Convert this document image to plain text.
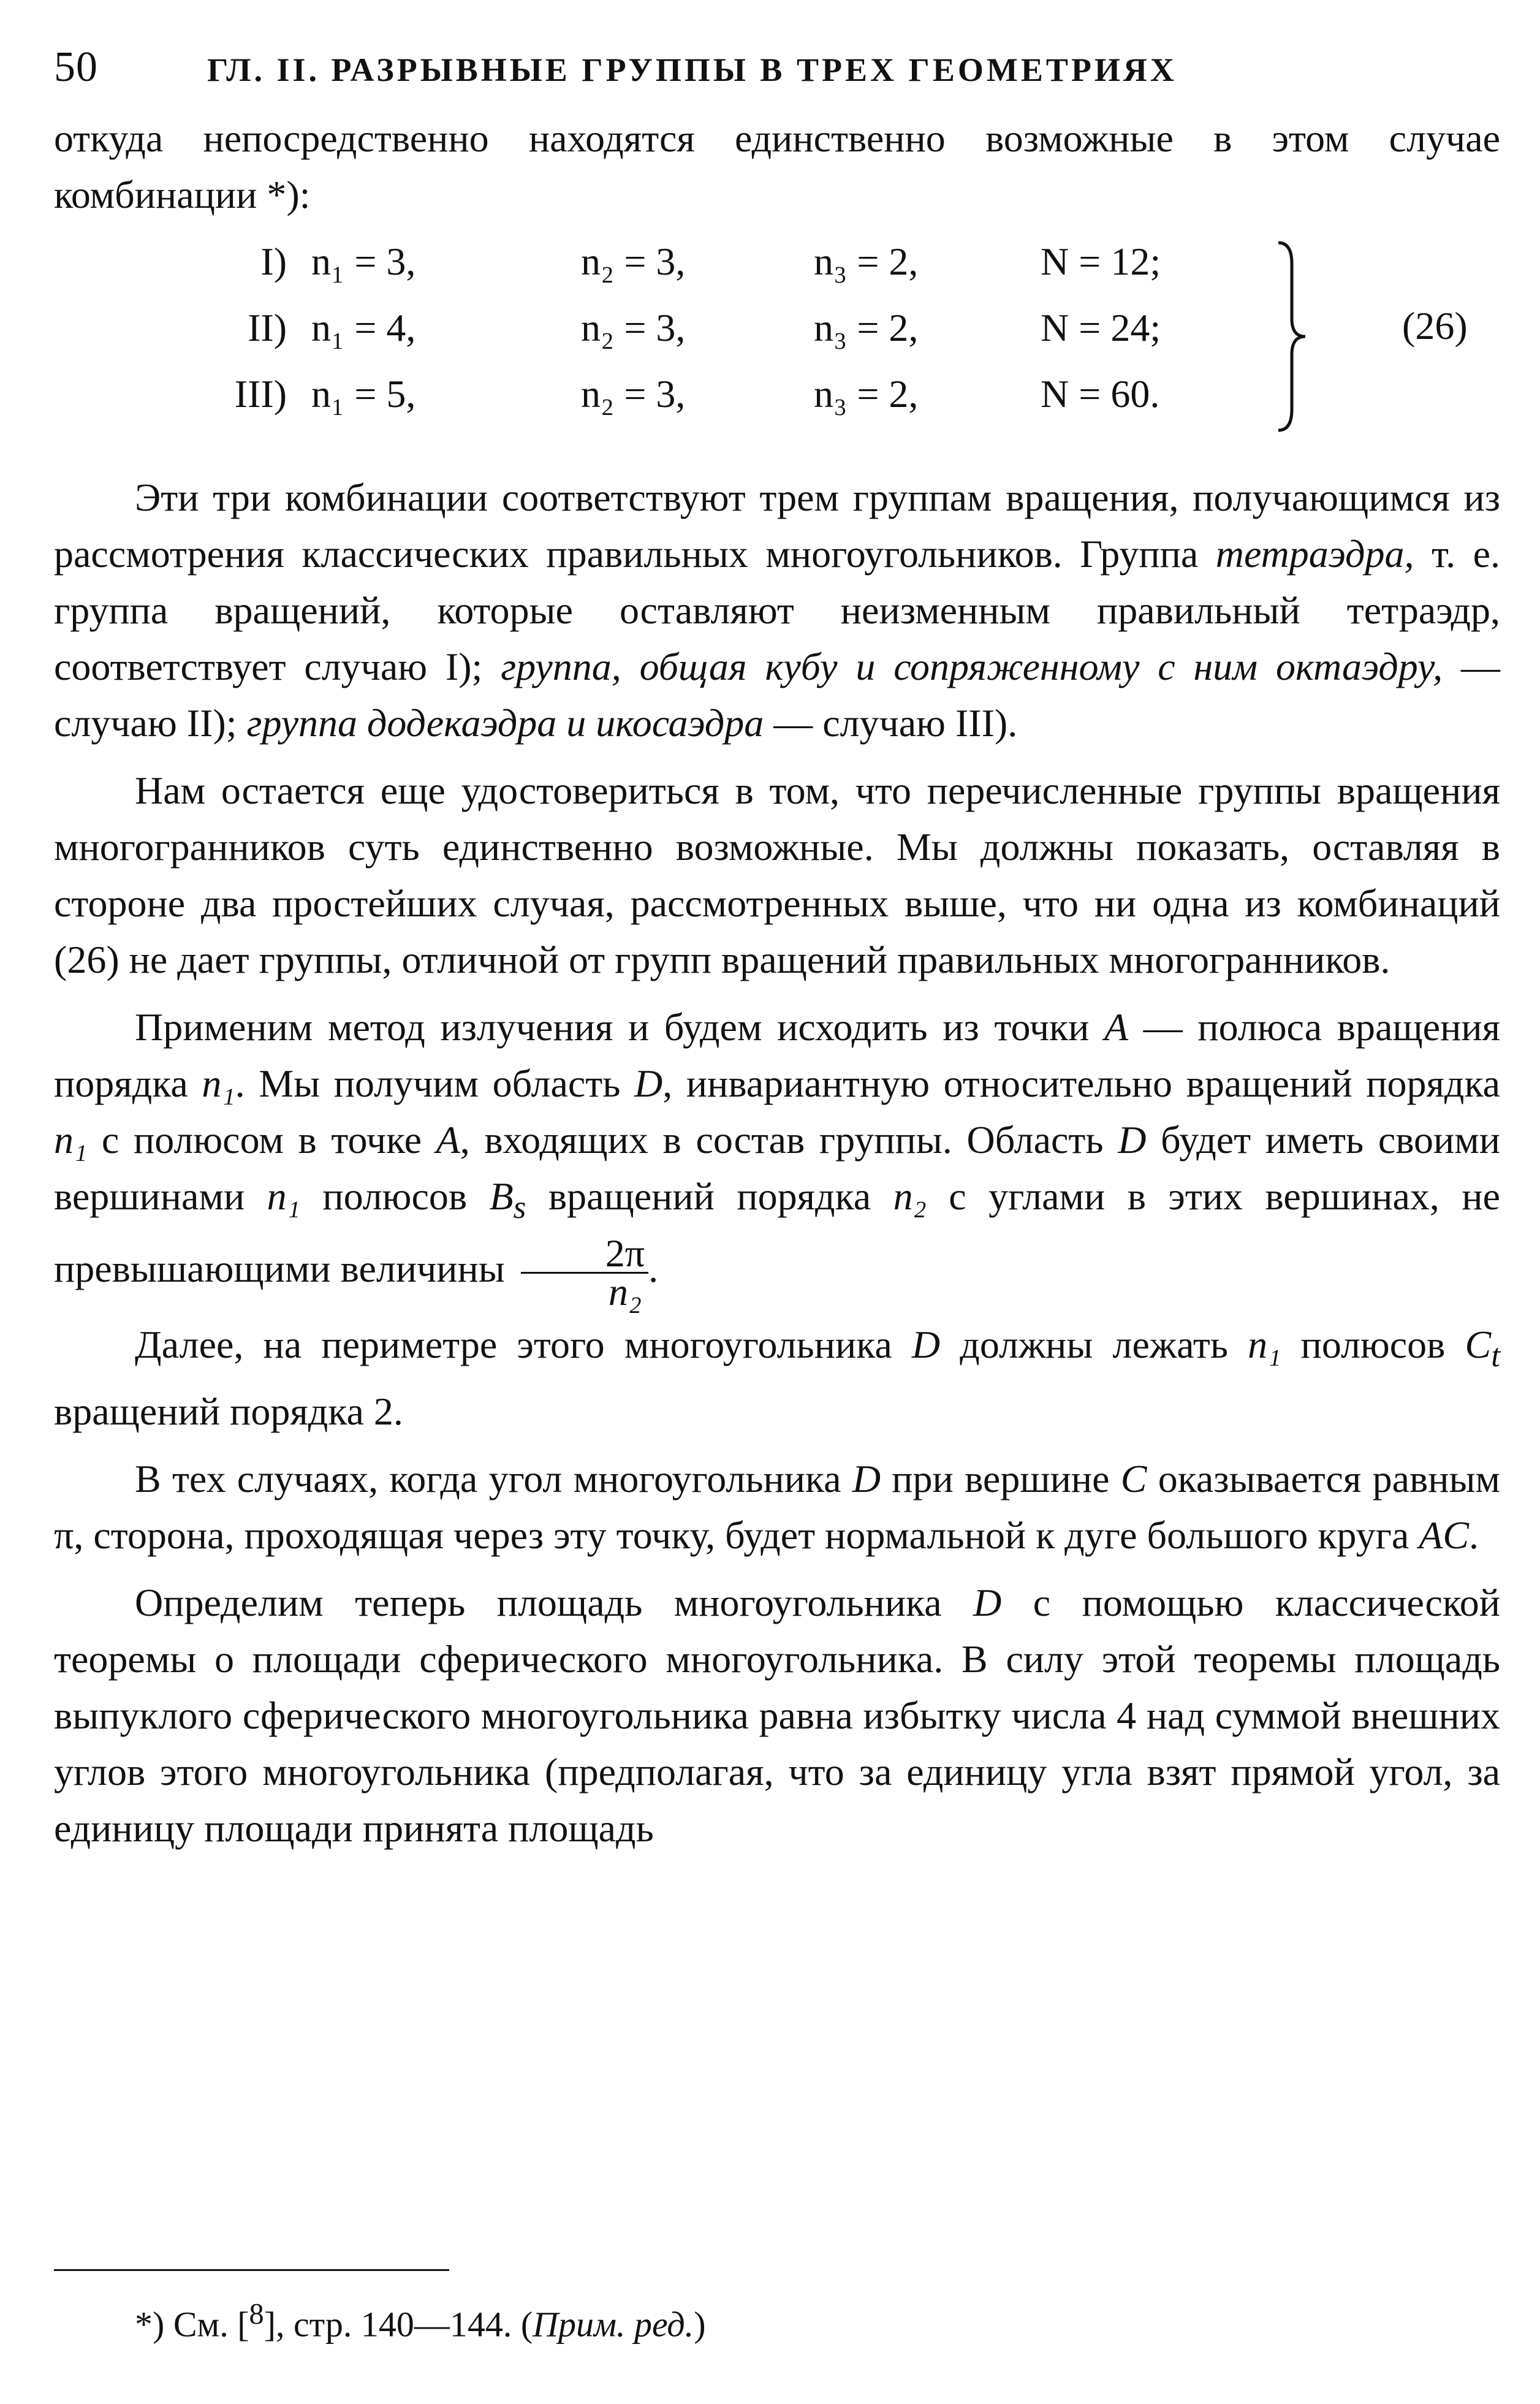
50	ГЛ. II. РАЗРЫВНЫЕ ГРУППЫ В ТРЕХ ГЕОМЕТРИЯХ

откуда непосредственно находятся единственно возможные в этом случае комбинации *):

I) n₁ = 3,	n₂ = 3,	n₃ = 2,	N = 12;
II) n₁ = 4,	n₂ = 3,	n₃ = 2,	N = 24;
III) n₁ = 5,	n₂ = 3,	n₃ = 2,	N = 60.
(26)

Эти три комбинации соответствуют трем группам вращения, получающимся из рассмотрения классических правильных многоугольников. Группа тетраэдра, т. е. группа вращений, которые оставляют неизменным правильный тетраэдр, соответствует случаю I); группа, общая кубу и сопряженному с ним октаэдру, — случаю II); группа додекаэдра и икосаэдра — случаю III).

Нам остается еще удостовериться в том, что перечисленные группы вращения многогранников суть единственно возможные. Мы должны показать, оставляя в стороне два простейших случая, рассмотренных выше, что ни одна из комбинаций (26) не дает группы, отличной от групп вращений правильных многогранников.

Применим метод излучения и будем исходить из точки A — полюса вращения порядка n₁. Мы получим область D, инвариантную относительно вращений порядка n₁ с полюсом в точке A, входящих в состав группы. Область D будет иметь своими вершинами n₁ полюсов $B_s$ вращений порядка n₂ с углами в этих вершинах, не превышающими величины $\frac{2\pi}{\text{n₂}}$ .

Далее, на периметре этого многоугольника D должны лежать n₁ полюсов $C_t$ вращений порядка 2.

В тех случаях, когда угол многоугольника D при вершине C оказывается равным π, сторона, проходящая через эту точку, будет нормальной к дуге большого круга AC.

Определим теперь площадь многоугольника D с помощью классической теоремы о площади сферического многоугольника. В силу этой теоремы площадь выпуклого сферического многоугольника равна избытку числа 4 над суммой внешних углов этого многоугольника (предполагая, что за единицу угла взят прямой угол, за единицу площади принята площадь

*) См. [$^8$], стр. 140—144. (Прим. ред.)
